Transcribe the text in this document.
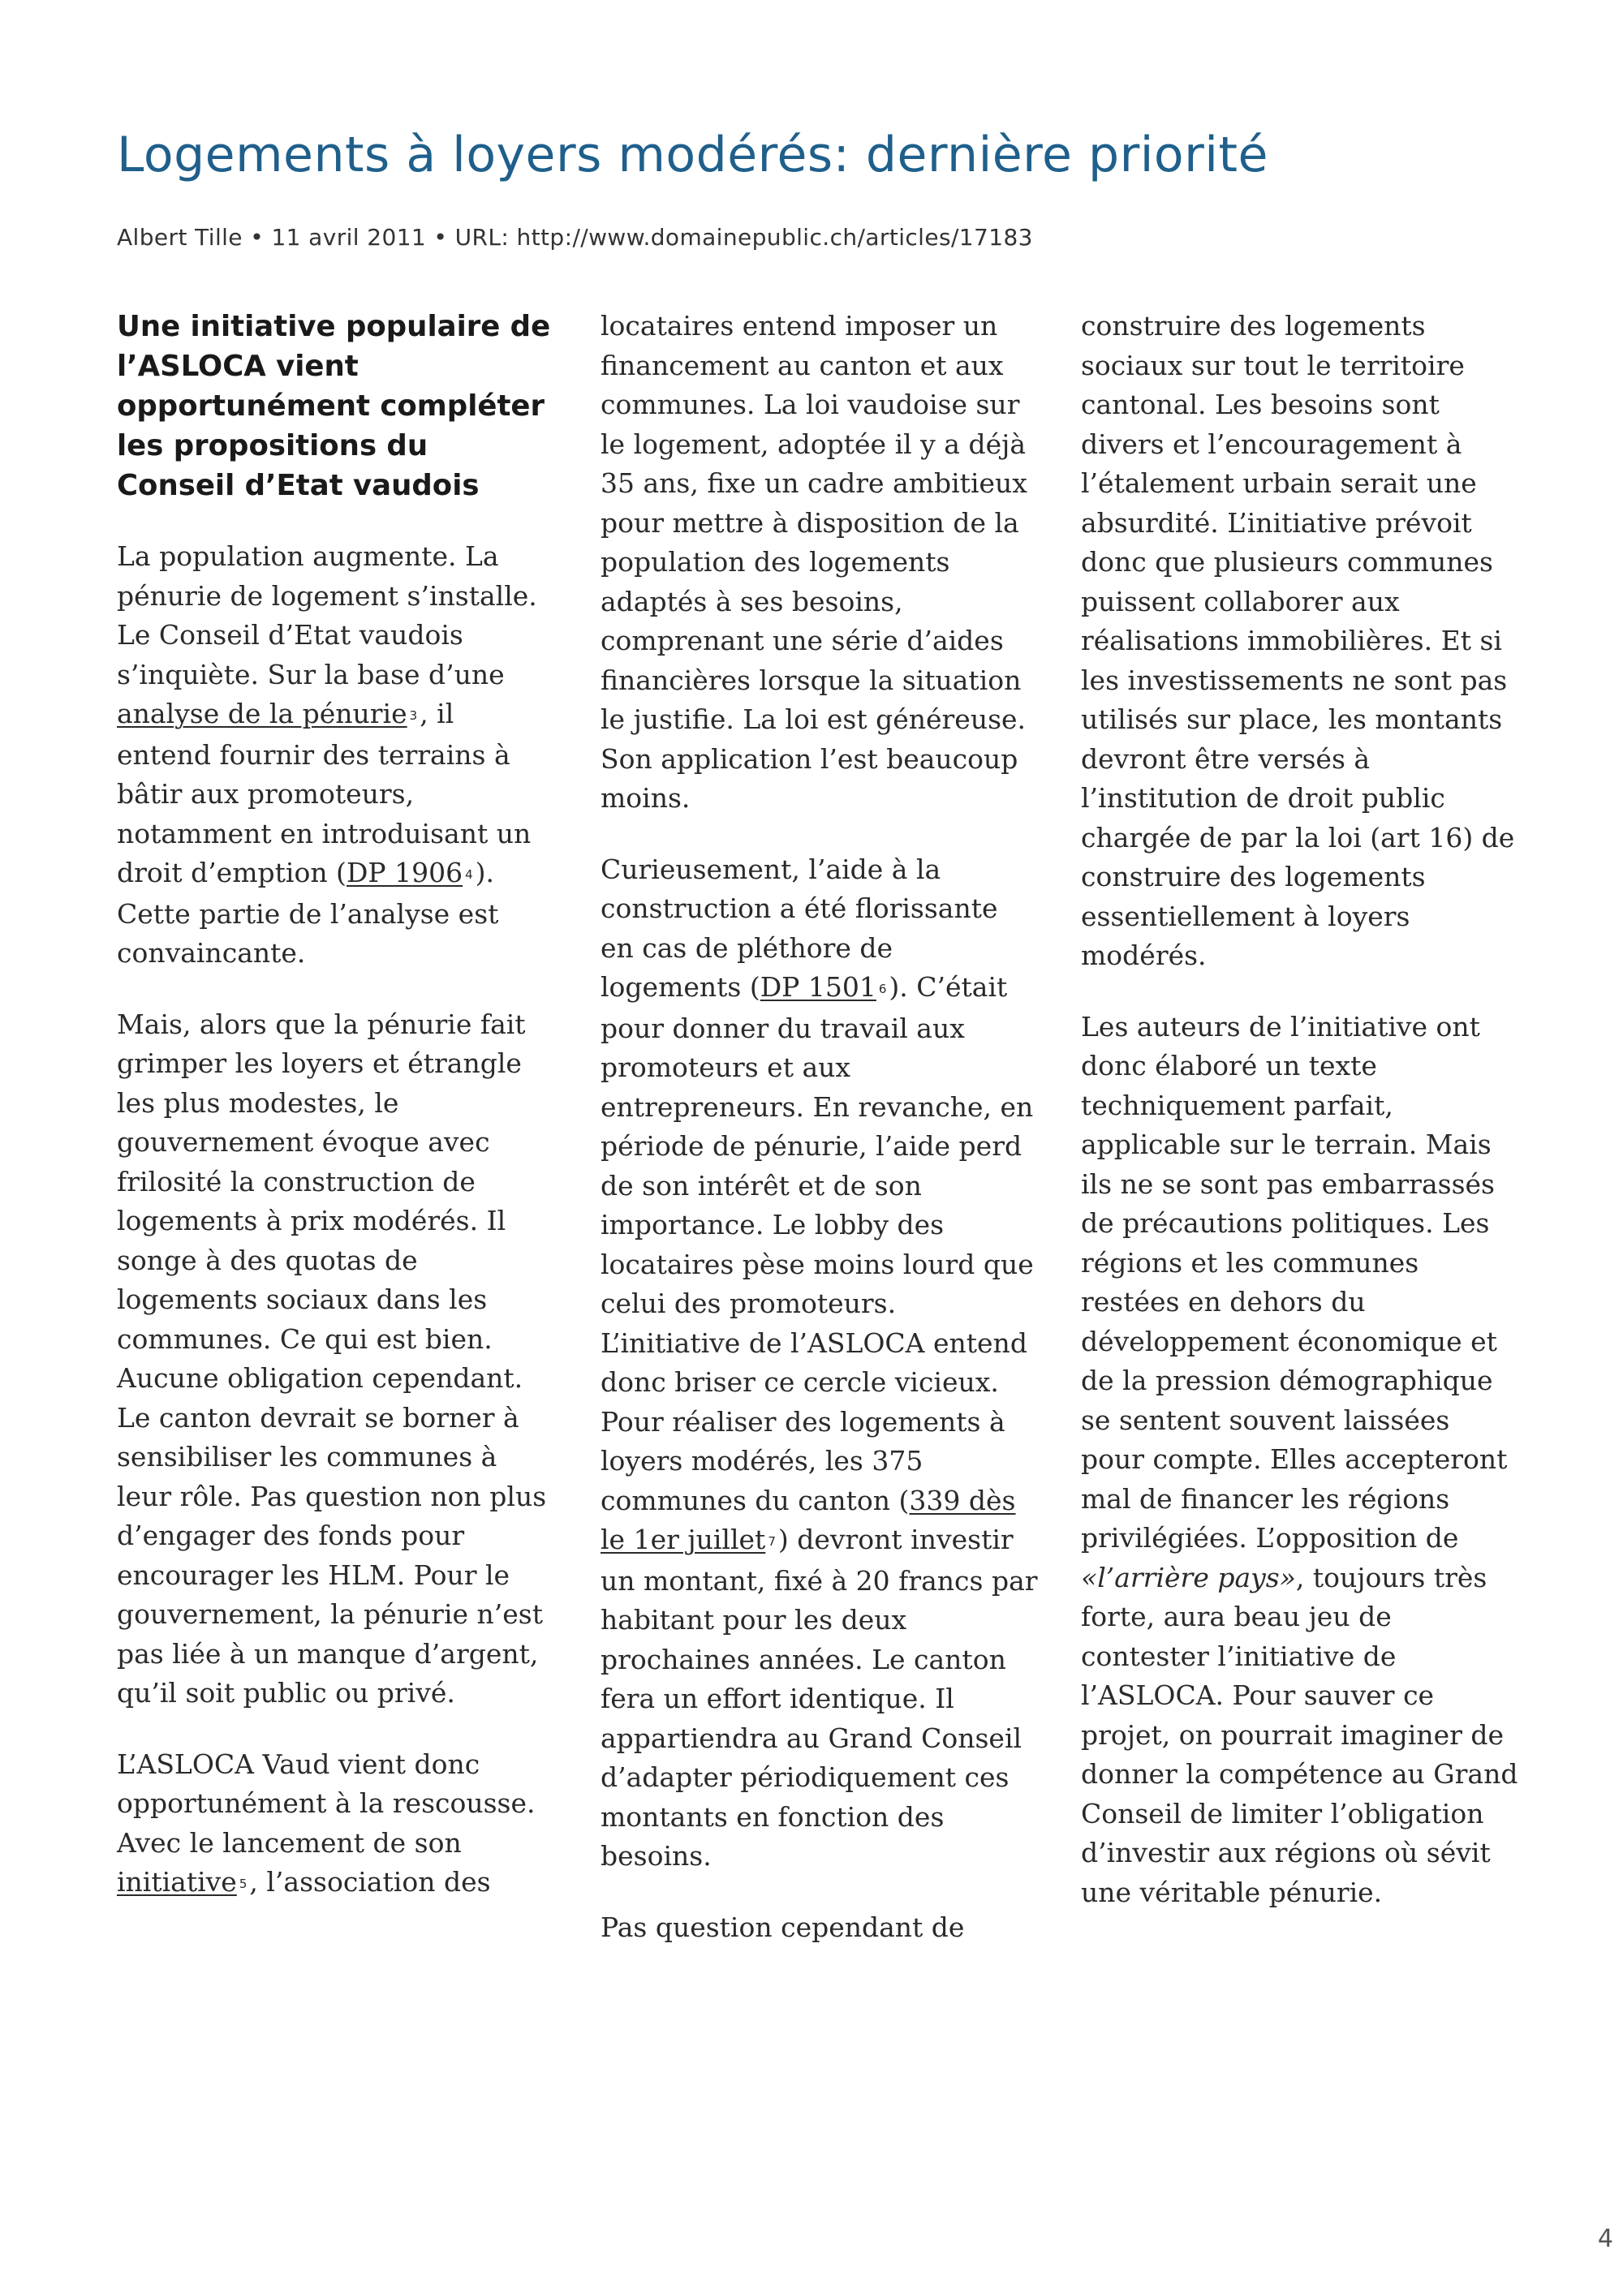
Logements à loyers modérés: dernière priorité
Albert Tille • 11 avril 2011 • URL: http://www.domainepublic.ch/articles/17183

Une initiative populaire de l’ASLOCA vient opportunément compléter les propositions du Conseil d’Etat vaudois

La population augmente. La pénurie de logement s’installe. Le Conseil d’Etat vaudois s’inquiète. Sur la base d’une analyse de la pénurie 3, il entend fournir des terrains à bâtir aux promoteurs, notamment en introduisant un droit d’emption (DP 1906 4). Cette partie de l’analyse est convaincante.

Mais, alors que la pénurie fait grimper les loyers et étrangle les plus modestes, le gouvernement évoque avec frilosité la construction de logements à prix modérés. Il songe à des quotas de logements sociaux dans les communes. Ce qui est bien. Aucune obligation cependant. Le canton devrait se borner à sensibiliser les communes à leur rôle. Pas question non plus d’engager des fonds pour encourager les HLM. Pour le gouvernement, la pénurie n’est pas liée à un manque d’argent, qu’il soit public ou privé.

L’ASLOCA Vaud vient donc opportunément à la rescousse. Avec le lancement de son initiative 5, l’association des

locataires entend imposer un financement au canton et aux communes. La loi vaudoise sur le logement, adoptée il y a déjà 35 ans, fixe un cadre ambitieux pour mettre à disposition de la population des logements adaptés à ses besoins, comprenant une série d’aides financières lorsque la situation le justifie. La loi est généreuse. Son application l’est beaucoup moins.

Curieusement, l’aide à la construction a été florissante en cas de pléthore de logements (DP 1501 6). C’était pour donner du travail aux promoteurs et aux entrepreneurs. En revanche, en période de pénurie, l’aide perd de son intérêt et de son importance. Le lobby des locataires pèse moins lourd que celui des promoteurs. L’initiative de l’ASLOCA entend donc briser ce cercle vicieux. Pour réaliser des logements à loyers modérés, les 375 communes du canton (339 dès le 1er juillet 7) devront investir un montant, fixé à 20 francs par habitant pour les deux prochaines années. Le canton fera un effort identique. Il appartiendra au Grand Conseil d’adapter périodiquement ces montants en fonction des besoins.

Pas question cependant de

construire des logements sociaux sur tout le territoire cantonal. Les besoins sont divers et l’encouragement à l’étalement urbain serait une absurdité. L’initiative prévoit donc que plusieurs communes puissent collaborer aux réalisations immobilières. Et si les investissements ne sont pas utilisés sur place, les montants devront être versés à l’institution de droit public chargée de par la loi (art 16) de construire des logements essentiellement à loyers modérés.

Les auteurs de l’initiative ont donc élaboré un texte techniquement parfait, applicable sur le terrain. Mais ils ne se sont pas embarrassés de précautions politiques. Les régions et les communes restées en dehors du développement économique et de la pression démographique se sentent souvent laissées pour compte. Elles accepteront mal de financer les régions privilégiées. L’opposition de «l’arrière pays», toujours très forte, aura beau jeu de contester l’initiative de l’ASLOCA. Pour sauver ce projet, on pourrait imaginer de donner la compétence au Grand Conseil de limiter l’obligation d’investir aux régions où sévit une véritable pénurie.

4
